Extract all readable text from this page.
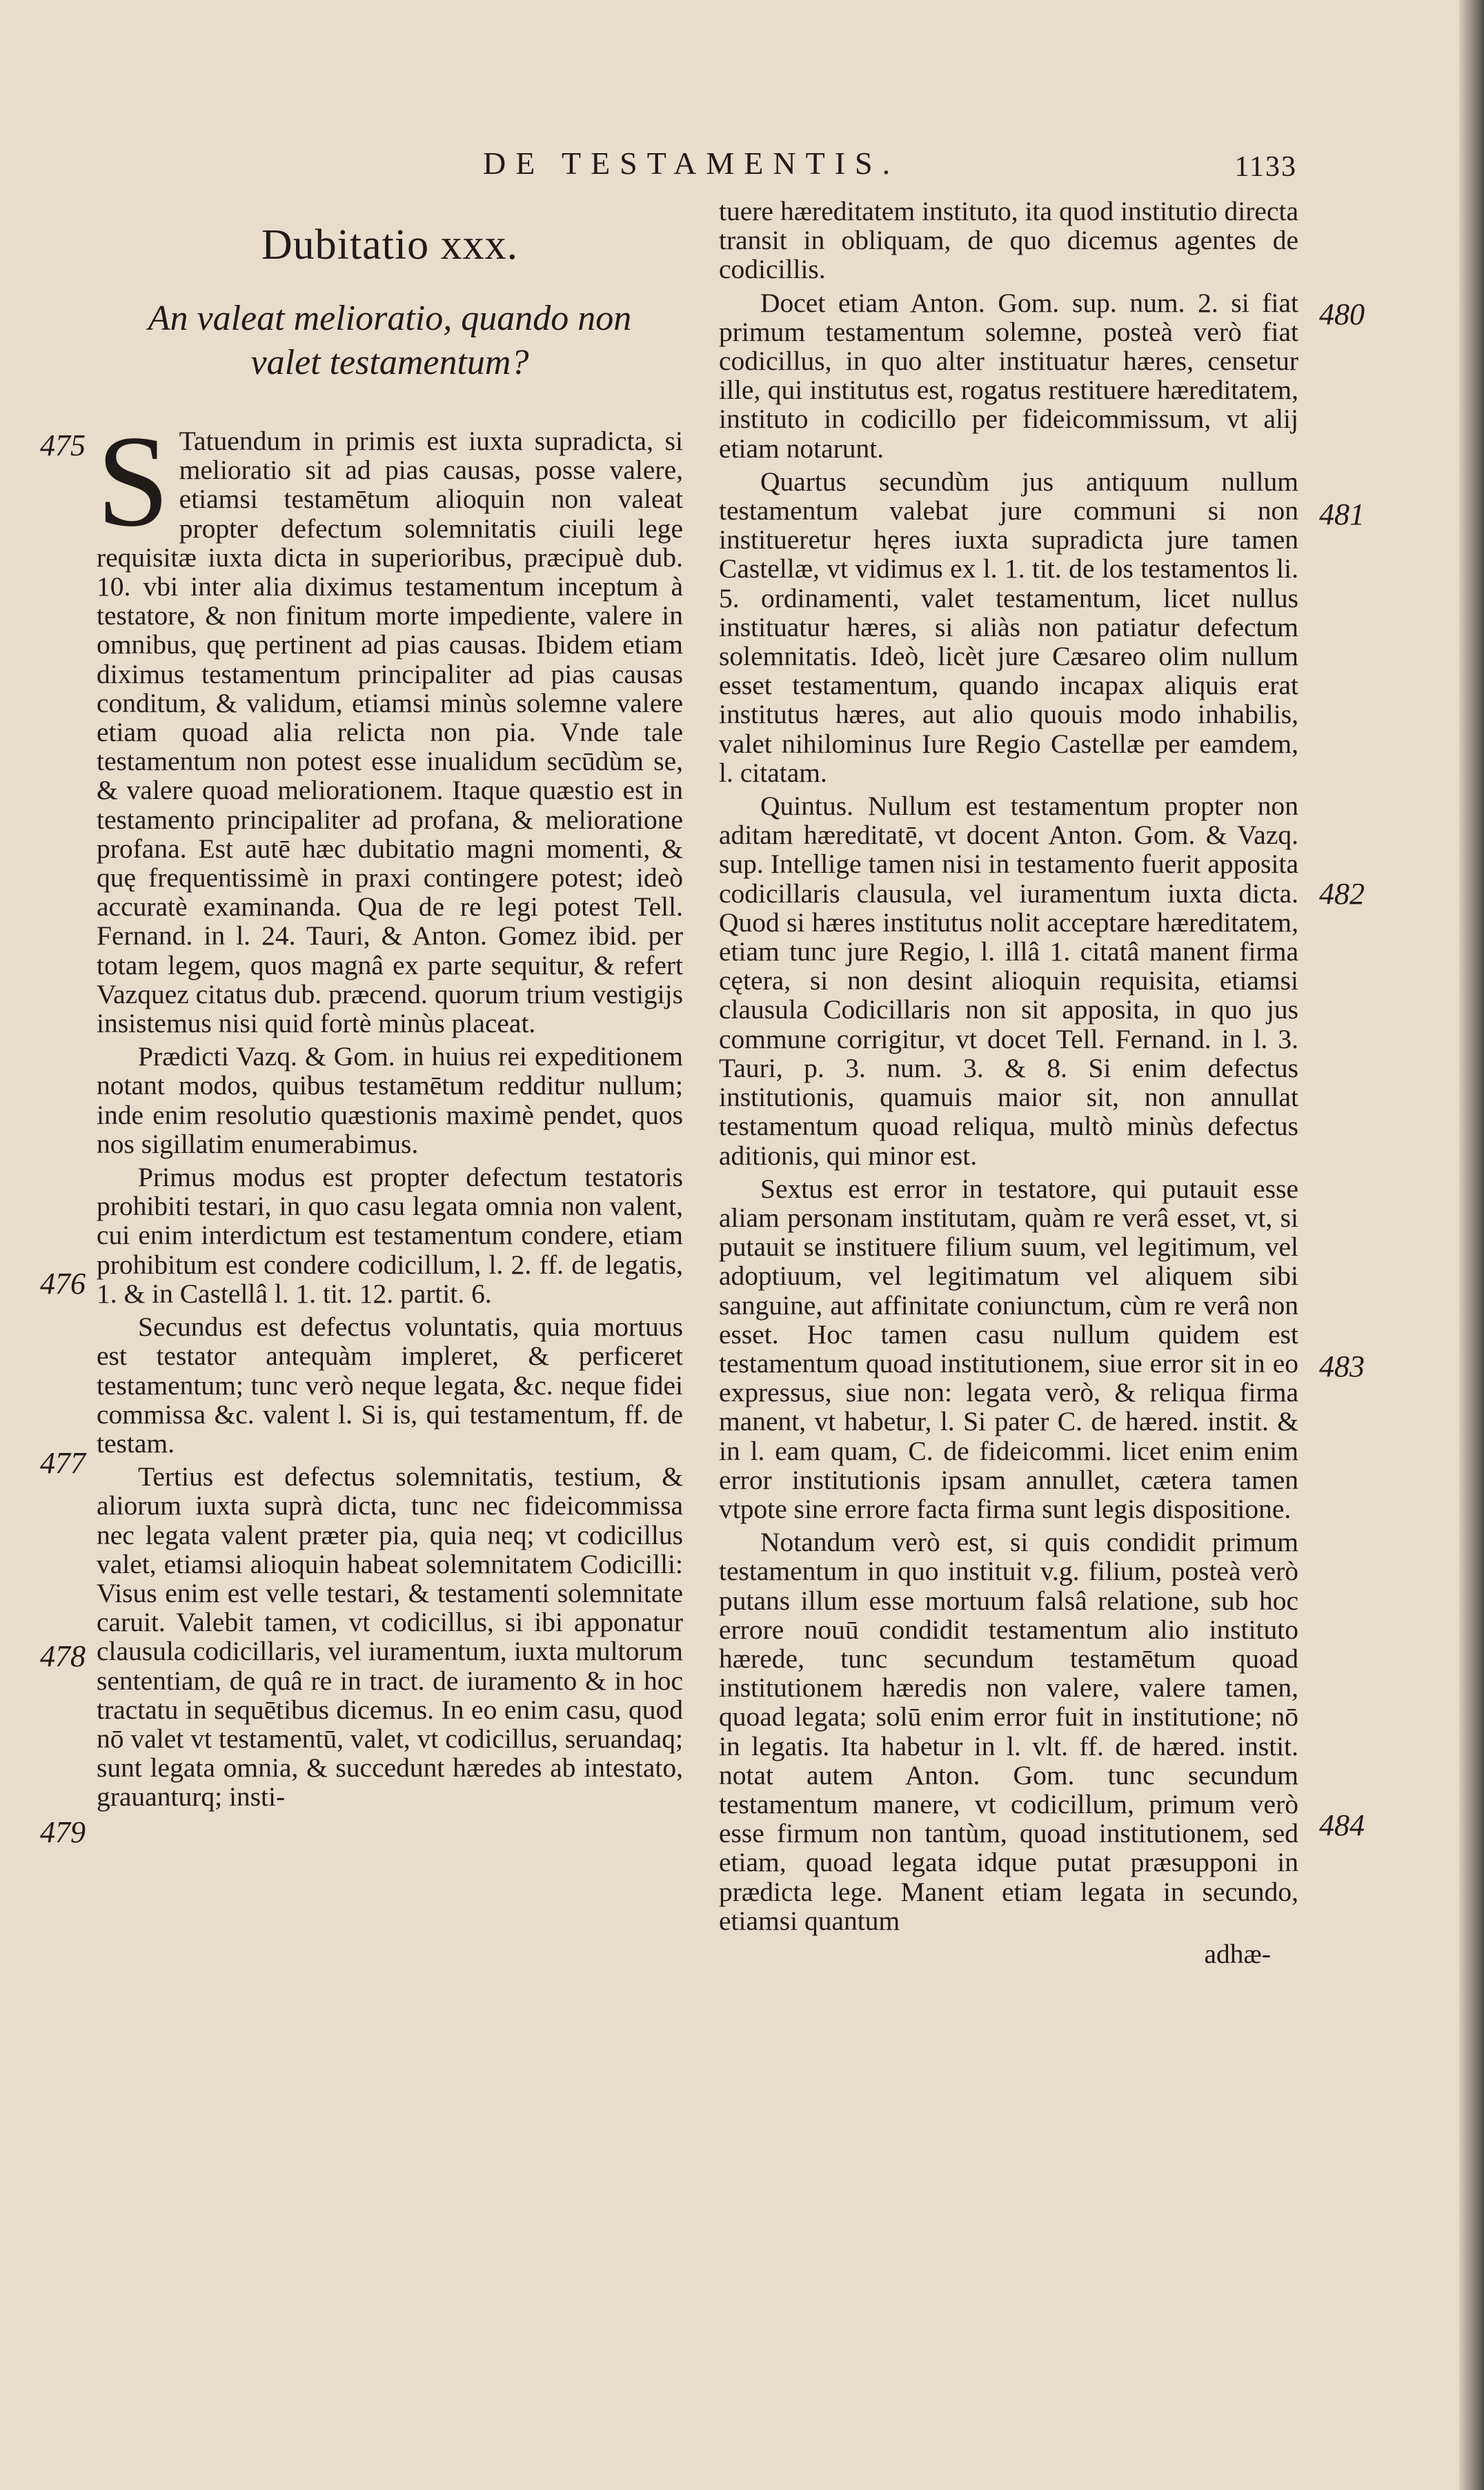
DE TESTAMENTIS.	1133
Dubitatio xxx.
An valeat melioratio, quando non valet testamentum?

S Tatuendum in primis est iuxta supradicta, si melioratio sit ad pias causas, posse valere, etiamsi testamētum alioquin non valeat propter defectum solemnitatis ciuili lege requisitæ iuxta dicta in superioribus, præcipuè dub. 10. vbi inter alia diximus testamentum inceptum à testatore, & non finitum morte impediente, valere in omnibus, quę pertinent ad pias causas. Ibidem etiam diximus testamentum principaliter ad pias causas conditum, & validum, etiamsi minùs solemne valere etiam quoad alia relicta non pia. Vnde tale testamentum non potest esse inualidum secūdùm se, & valere quoad meliorationem. Itaque quæstio est in testamento principaliter ad profana, & melioratione profana. Est autē hæc dubitatio magni momenti, & quę frequentissimè in praxi contingere potest; ideò accuratè examinanda. Qua de re legi potest Tell. Fernand. in l. 24. Tauri, & Anton. Gomez ibid. per totam legem, quos magnâ ex parte sequitur, & refert Vazquez citatus dub. præcend. quorum trium vestigijs insistemus nisi quid fortè minùs placeat.

Prædicti Vazq. & Gom. in huius rei expeditionem notant modos, quibus testamētum redditur nullum; inde enim resolutio quæstionis maximè pendet, quos nos sigillatim enumerabimus.

Primus modus est propter defectum testatoris prohibiti testari, in quo casu legata omnia non valent, cui enim interdictum est testamentum condere, etiam prohibitum est condere codicillum, l. 2. ff. de legatis, 1. & in Castellâ l. 1. tit. 12. partit. 6.

Secundus est defectus voluntatis, quia mortuus est testator antequàm impleret, & perficeret testamentum; tunc verò neque legata, &c. neque fidei commissa &c. valent l. Si is, qui testamentum, ff. de testam.

Tertius est defectus solemnitatis, testium, & aliorum iuxta suprà dicta, tunc nec fideicommissa nec legata valent præter pia, quia neq; vt codicillus valet, etiamsi alioquin habeat solemnitatem Codicilli: Visus enim est velle testari, & testamenti solemnitate caruit. Valebit tamen, vt codicillus, si ibi apponatur clausula codicillaris, vel iuramentum, iuxta multorum sententiam, de quâ re in tract. de iuramento & in hoc tractatu in sequētibus dicemus. In eo enim casu, quod nō valet vt testamentū, valet, vt codicillus, seruandaq; sunt legata omnia, & succedunt hæredes ab intestato, grauanturq; insti-

tuere hæreditatem instituto, ita quod institutio directa transit in obliquam, de quo dicemus agentes de codicillis.

Docet etiam Anton. Gom. sup. num. 2. si fiat primum testamentum solemne, posteà verò fiat codicillus, in quo alter instituatur hæres, censetur ille, qui institutus est, rogatus restituere hæreditatem, instituto in codicillo per fideicommissum, vt alij etiam notarunt.

Quartus secundùm jus antiquum nullum testamentum valebat jure communi si non institueretur hęres iuxta supradicta jure tamen Castellæ, vt vidimus ex l. 1. tit. de los testamentos li. 5. ordinamenti, valet testamentum, licet nullus instituatur hæres, si aliàs non patiatur defectum solemnitatis. Ideò, licèt jure Cæsareo olim nullum esset testamentum, quando incapax aliquis erat institutus hæres, aut alio quouis modo inhabilis, valet nihilominus Iure Regio Castellæ per eamdem, l. citatam.

Quintus. Nullum est testamentum propter non aditam hæreditatē, vt docent Anton. Gom. & Vazq. sup. Intellige tamen nisi in testamento fuerit apposita codicillaris clausula, vel iuramentum iuxta dicta. Quod si hæres institutus nolit acceptare hæreditatem, etiam tunc jure Regio, l. illâ 1. citatâ manent firma cętera, si non desint alioquin requisita, etiamsi clausula Codicillaris non sit apposita, in quo jus commune corrigitur, vt docet Tell. Fernand. in l. 3. Tauri, p. 3. num. 3. & 8. Si enim defectus institutionis, quamuis maior sit, non annullat testamentum quoad reliqua, multò minùs defectus aditionis, qui minor est.

Sextus est error in testatore, qui putauit esse aliam personam institutam, quàm re verâ esset, vt, si putauit se instituere filium suum, vel legitimum, vel adoptiuum, vel legitimatum vel aliquem sibi sanguine, aut affinitate coniunctum, cùm re verâ non esset. Hoc tamen casu nullum quidem est testamentum quoad institutionem, siue error sit in eo expressus, siue non: legata verò, & reliqua firma manent, vt habetur, l. Si pater C. de hæred. instit. & in l. eam quam, C. de fideicommi. licet enim enim error institutionis ipsam annullet, cætera tamen vtpote sine errore facta firma sunt legis dispositione.

Notandum verò est, si quis condidit primum testamentum in quo instituit v.g. filium, posteà verò putans illum esse mortuum falsâ relatione, sub hoc errore nouū condidit testamentum alio instituto hærede, tunc secundum testamētum quoad institutionem hæredis non valere, valere tamen, quoad legata; solū enim error fuit in institutione; nō in legatis. Ita habetur in l. vlt. ff. de hæred. instit. notat autem Anton. Gom. tunc secundum testamentum manere, vt codicillum, primum verò esse firmum non tantùm, quoad institutionem, sed etiam, quoad legata idque putat præsupponi in prædicta lege. Manent etiam legata in secundo, etiamsi quantum

adhæ-
475
476
477
478
479
480
481
482
483
484
